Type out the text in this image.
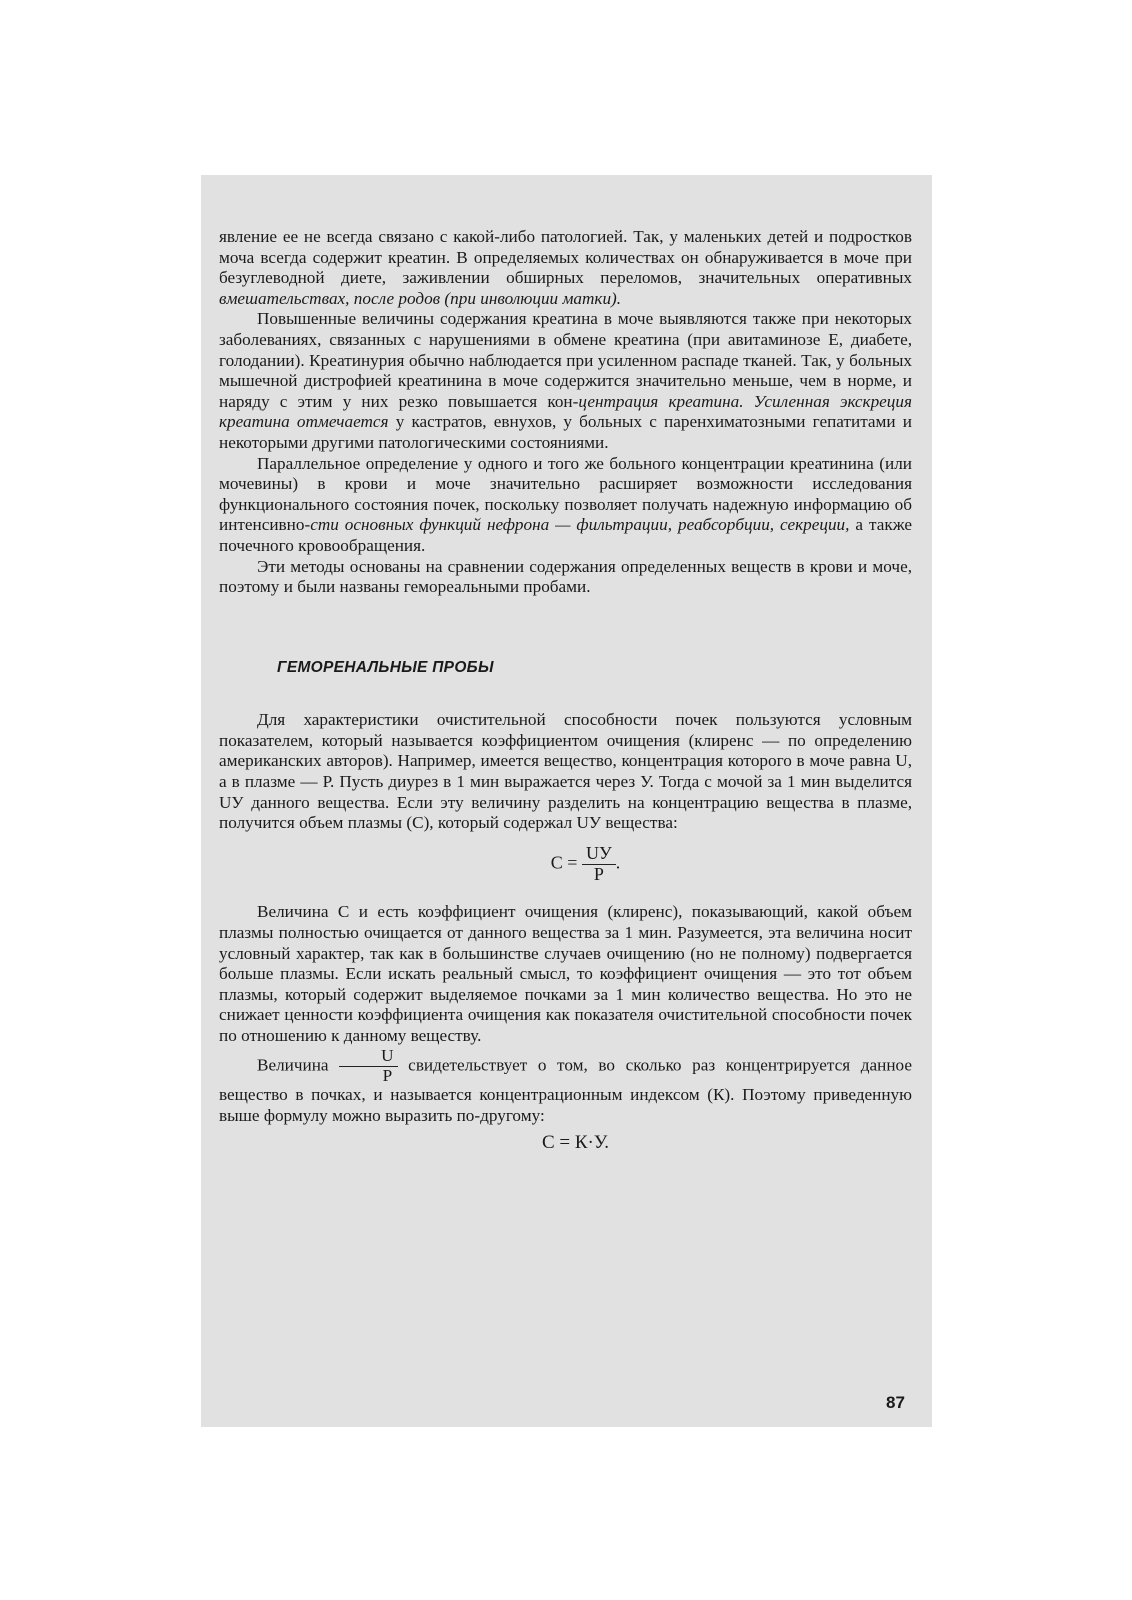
явление ее не всегда связано с какой-либо патологией. Так, у маленьких детей и подростков моча всегда содержит креатин. В определяемых количествах он обнаруживается в моче при безуглеводной диете, заживлении обширных переломов, значительных оперативных вмешательствах, после родов (при инволюции матки).

Повышенные величины содержания креатина в моче выявляются также при некоторых заболеваниях, связанных с нарушениями в обмене креатина (при авитаминозе Е, диабете, голодании). Креатинурия обычно наблюдается при усиленном распаде тканей. Так, у больных мышечной дистрофией креатинина в моче содержится значительно меньше, чем в норме, и наряду с этим у них резко повышается кон-центрация креатина. Усиленная экскреция креатина отмечается у кастратов, евнухов, у больных с паренхиматозными гепатитами и некоторыми другими патологическими состояниями.

Параллельное определение у одного и того же больного концентрации креатинина (или мочевины) в крови и моче значительно расширяет возможности исследования функционального состояния почек, поскольку позволяет получать надежную информацию об интенсивно-сти основных функций нефрона — фильтрации, реабсорбции, секреции, а также почечного кровообращения.

Эти методы основаны на сравнении содержания определенных веществ в крови и моче, поэтому и были названы гемореальными пробами.

ГЕМОРЕНАЛЬНЫЕ ПРОБЫ

Для характеристики очистительной способности почек пользуются условным показателем, который называется коэффициентом очищения (клиренс — по определению американских авторов). Например, имеется вещество, концентрация которого в моче равна U, а в плазме — Р. Пусть диурез в 1 мин выражается через У. Тогда с мочой за 1 мин выделится UУ данного вещества. Если эту величину разделить на концентрацию вещества в плазме, получится объем плазмы (С), который содержал UУ вещества:

$C = \frac{UУ}{P}$ .

Величина С и есть коэффициент очищения (клиренс), показывающий, какой объем плазмы полностью очищается от данного вещества за 1 мин. Разумеется, эта величина носит условный характер, так как в большинстве случаев очищению (но не полному) подвергается больше плазмы. Если искать реальный смысл, то коэффициент очищения — это тот объем плазмы, который содержит выделяемое почками за 1 мин количество вещества. Но это не снижает ценности коэффициента очищения как показателя очистительной способности почек по отношению к данному веществу.

Величина $\frac{U}{P}$ свидетельствует о том, во сколько раз концентрируется данное вещество в почках, и называется концентрационным индексом (К). Поэтому приведенную выше формулу можно выразить по-другому:

С = К·У.
87
